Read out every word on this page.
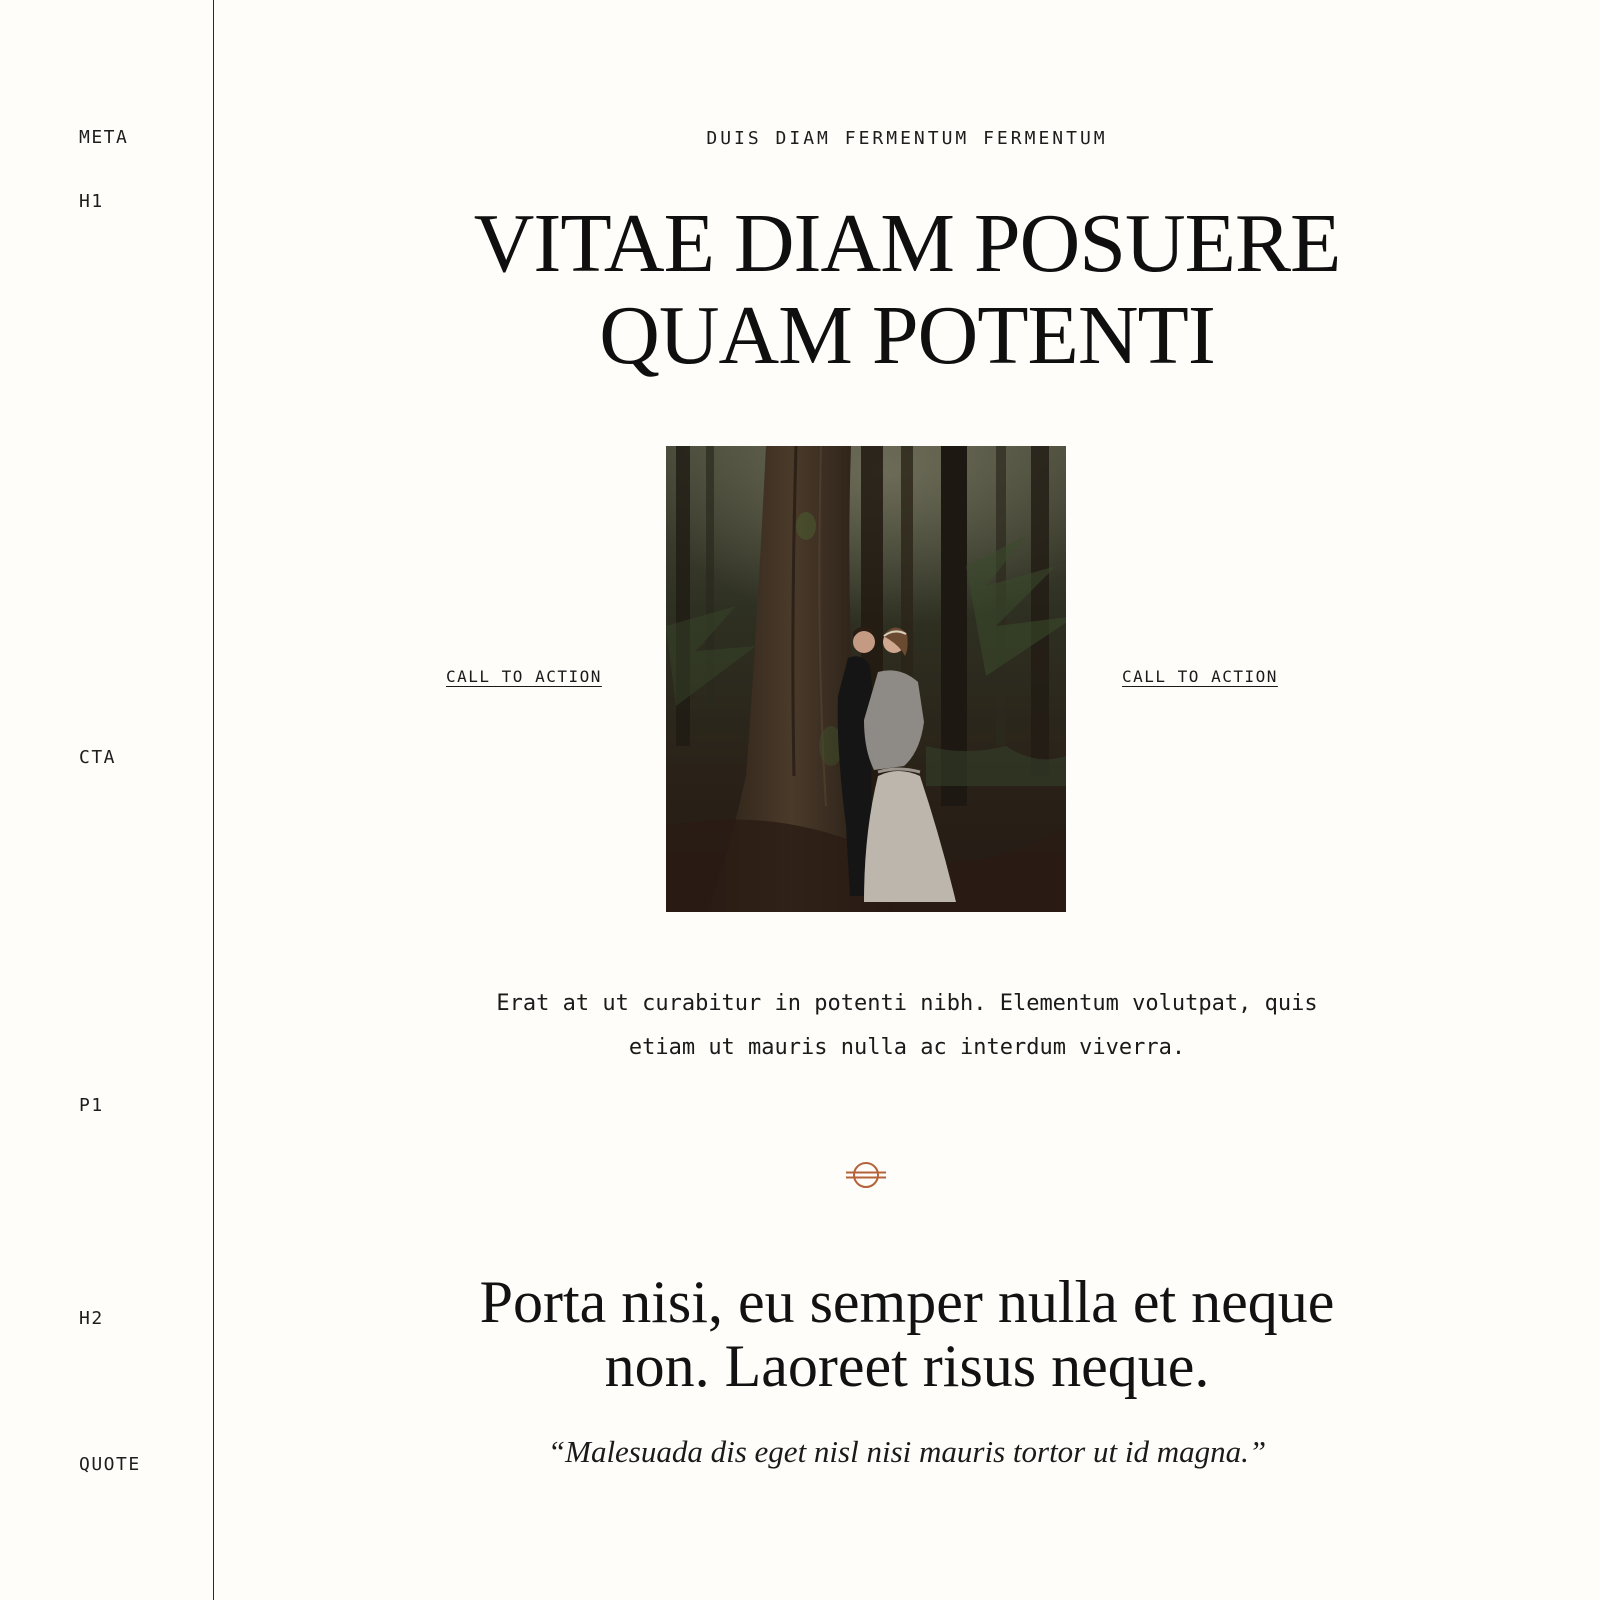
META
H1
CTA
P1
H2
QUOTE
DUIS DIAM FERMENTUM FERMENTUM
VITAE DIAM POSUERE
QUAM POTENTI
CALL TO ACTION	CALL TO ACTION
Erat at ut curabitur in potenti nibh. Elementum volutpat, quis
etiam ut mauris nulla ac interdum viverra.
Porta nisi, eu semper nulla et neque
non. Laoreet risus neque.
“Malesuada dis eget nisl nisi mauris tortor ut id magna.”
